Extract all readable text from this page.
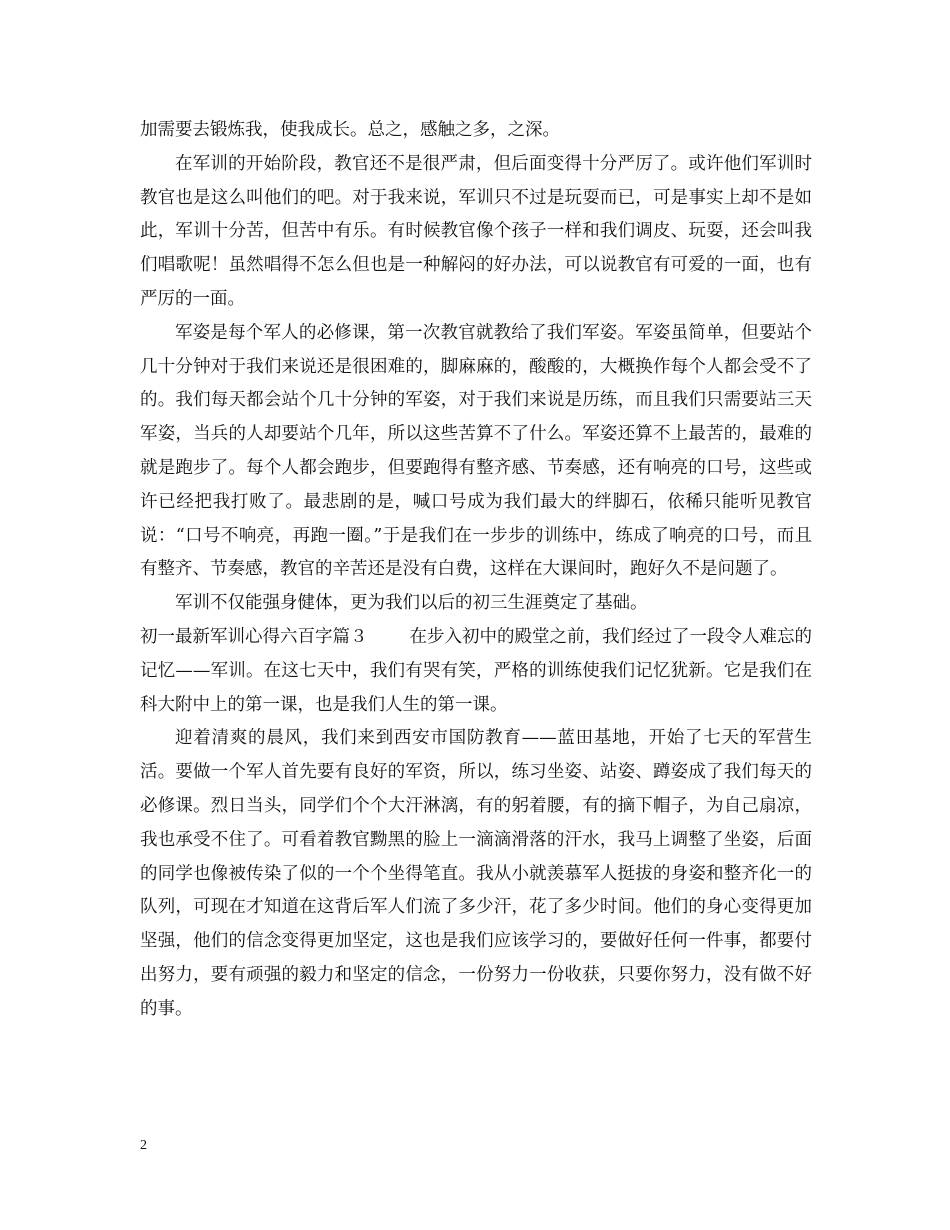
加需要去锻炼我，使我成长。总之，感触之多，之深。

在军训的开始阶段，教官还不是很严肃，但后面变得十分严厉了。或许他们军训时教官也是这么叫他们的吧。对于我来说，军训只不过是玩耍而已，可是事实上却不是如此，军训十分苦，但苦中有乐。有时候教官像个孩子一样和我们调皮、玩耍，还会叫我们唱歌呢！虽然唱得不怎么但也是一种解闷的好办法，可以说教官有可爱的一面，也有严厉的一面。

军姿是每个军人的必修课，第一次教官就教给了我们军姿。军姿虽简单，但要站个几十分钟对于我们来说还是很困难的，脚麻麻的，酸酸的，大概换作每个人都会受不了的。我们每天都会站个几十分钟的军姿，对于我们来说是历练，而且我们只需要站三天军姿，当兵的人却要站个几年，所以这些苦算不了什么。军姿还算不上最苦的，最难的就是跑步了。每个人都会跑步，但要跑得有整齐感、节奏感，还有响亮的口号，这些或许已经把我打败了。最悲剧的是，喊口号成为我们最大的绊脚石，依稀只能听见教官说：“口号不响亮，再跑一圈。”于是我们在一步步的训练中，练成了响亮的口号，而且有整齐、节奏感，教官的辛苦还是没有白费，这样在大课间时，跑好久不是问题了。

军训不仅能强身健体，更为我们以后的初三生涯奠定了基础。

初一最新军训心得六百字篇３ 在步入初中的殿堂之前，我们经过了一段令人难忘的记忆——军训。在这七天中，我们有哭有笑，严格的训练使我们记忆犹新。它是我们在科大附中上的第一课，也是我们人生的第一课。

迎着清爽的晨风，我们来到西安市国防教育——蓝田基地，开始了七天的军营生活。要做一个军人首先要有良好的军资，所以，练习坐姿、站姿、蹲姿成了我们每天的必修课。烈日当头，同学们个个大汗淋漓，有的躬着腰，有的摘下帽子，为自己扇凉，我也承受不住了。可看着教官黝黑的脸上一滴滴滑落的汗水，我马上调整了坐姿，后面的同学也像被传染了似的一个个坐得笔直。我从小就羡慕军人挺拔的身姿和整齐化一的队列，可现在才知道在这背后军人们流了多少汗，花了多少时间。他们的身心变得更加坚强，他们的信念变得更加坚定，这也是我们应该学习的，要做好任何一件事，都要付出努力，要有顽强的毅力和坚定的信念，一份努力一份收获，只要你努力，没有做不好的事。

2
